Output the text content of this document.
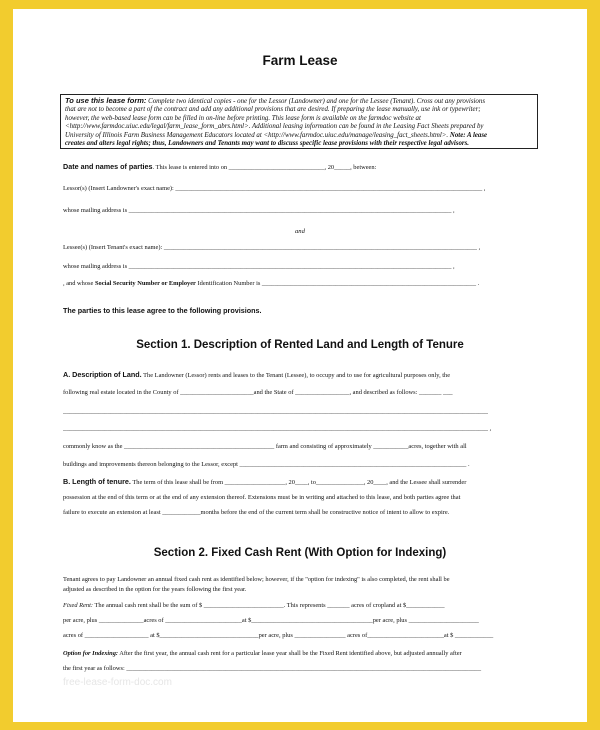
Farm Lease
To use this lease form: Complete two identical copies - one for the Lessor (Landowner) and one for the Lessee (Tenant). Cross out any provisions
that are not to become a part of the contract and add any additional provisions that are desired. If preparing the lease manually, use ink or typewriter;
however, the web-based lease form can be filled in on-line before printing. This lease form is available on the farmdoc website at
<http://www.farmdoc.uiuc.edu/legal/farm_lease_form_abrs.html>. Additional leasing information can be found in the Leasing Fact Sheets prepared by
University of Illinois Farm Business Management Educators located at <http://www.farmdoc.uiuc.edu/manage/leasing_fact_sheets.html>. Note: A lease
creates and alters legal rights; thus, Landowners and Tenants may want to discuss specific lease provisions with their respective legal advisors.
Date and names of parties. This lease is entered into on ______________________________, 20_____, between:
Lessor(s) (Insert Landowner's exact name): ________________________________________________________________________________________________ ,
whose mailing address is _____________________________________________________________________________________________________ ,
and
Lessee(s) (Insert Tenant's exact name): __________________________________________________________________________________________________ ,
whose mailing address is _____________________________________________________________________________________________________ ,
, and whose Social Security Number or Employer Identification Number is ___________________________________________________________________ .
The parties to this lease agree to the following provisions.
Section 1. Description of Rented Land and Length of Tenure
A. Description of Land. The Landowner (Lessor) rents and leases to the Tenant (Lessee), to occupy and to use for agricultural purposes only, the
following real estate located in the County of _______________________and the State of _________________, and described as follows: _______ ___
_____________________________________________________________________________________________________________________________________
_____________________________________________________________________________________________________________________________________ ,
commonly know as the _______________________________________________ farm and consisting of approximately ___________acres, together with all
buildings and improvements thereon belonging to the Lessor, except _______________________________________________________________________ .
B. Length of tenure. The term of this lease shall be from ___________________, 20____, to_______________, 20____, and the Lessee shall surrender
possession at the end of this term or at the end of any extension thereof. Extensions must be in writing and attached to this lease, and both parties agree that
failure to execute an extension at least ____________months before the end of the current term shall be constructive notice of intent to allow to expire.
Section 2. Fixed Cash Rent (With Option for Indexing)
Tenant agrees to pay Landowner an annual fixed cash rent as identified below; however, if the "option for indexing" is also completed, the rent shall be
adjusted as described in the option for the years following the first year.
Fixed Rent: The annual cash rent shall be the sum of $ _________________________. This represents _______ acres of cropland at $____________
per acre, plus ______________acres of ________________________at $______________________________________per acre, plus ______________________
acres of ____________________ at $_______________________________per acre, plus ________________ acres of________________________at $ ____________
Option for Indexing: After the first year, the annual cash rent for a particular lease year shall be the Fixed Rent identified above, but adjusted annually after
the first year as follows: _______________________________________________________________________________________________________________
free-lease-form-doc.com
